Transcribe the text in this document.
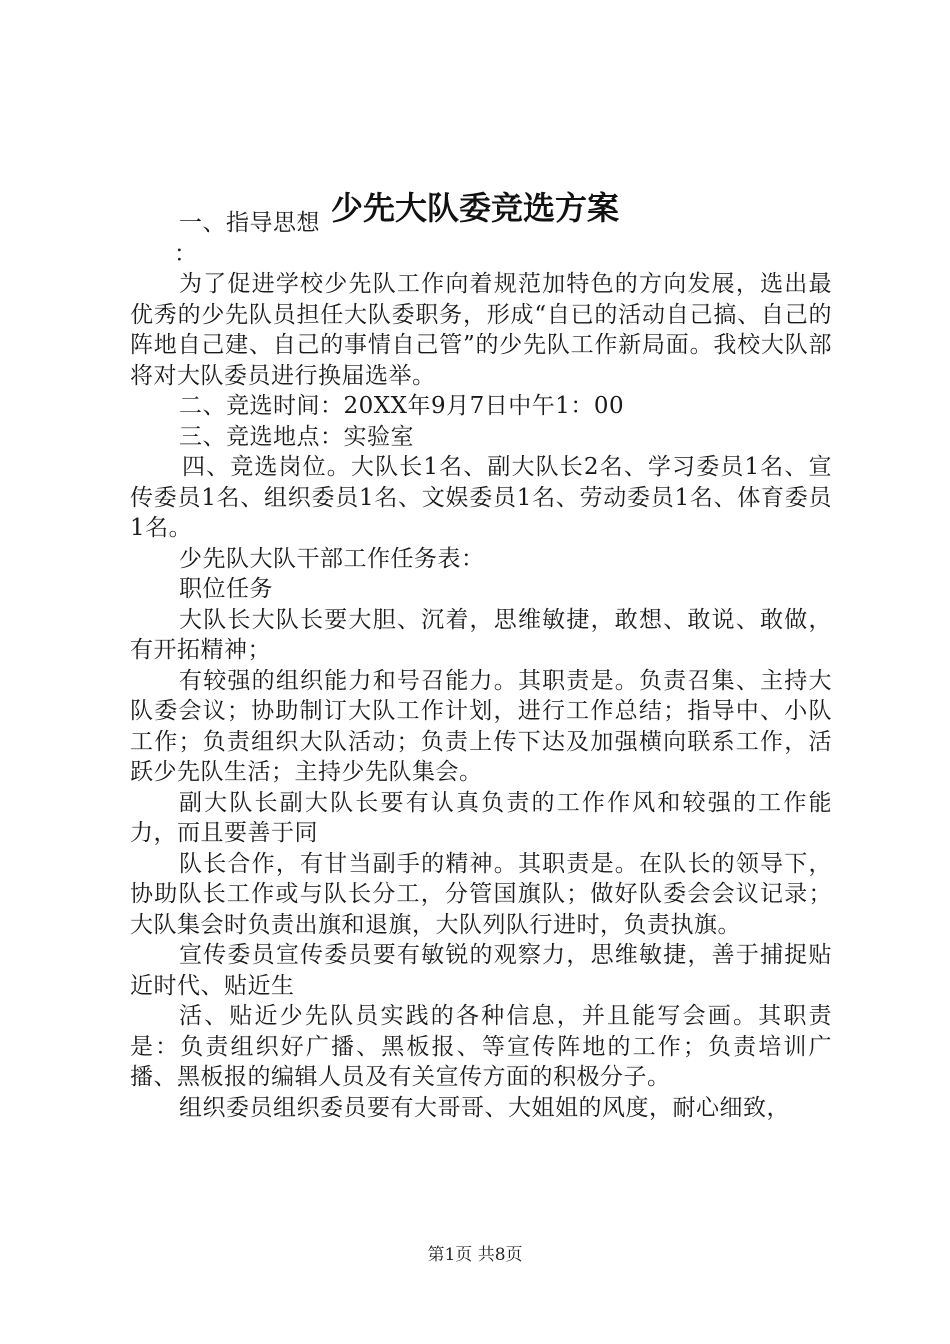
少先大队委竞选方案

一、指导思想

：

为了促进学校少先队工作向着规范加特色的方向发展，选出最优秀的少先队员担任大队委职务，形成“自已的活动自己搞、自己的阵地自己建、自己的事情自己管”的少先队工作新局面。我校大队部将对大队委员进行换届选举。

二、竞选时间：20XX年9月7日中午1：00

三、竞选地点：实验室

四、竞选岗位。大队长1名、副大队长2名、学习委员1名、宣传委员1名、组织委员1名、文娱委员1名、劳动委员1名、体育委员1名。

少先队大队干部工作任务表：

职位任务

大队长大队长要大胆、沉着，思维敏捷，敢想、敢说、敢做，有开拓精神；

有较强的组织能力和号召能力。其职责是。负责召集、主持大队委会议；协助制订大队工作计划，进行工作总结；指导中、小队工作；负责组织大队活动；负责上传下达及加强横向联系工作，活跃少先队生活；主持少先队集会。

副大队长副大队长要有认真负责的工作作风和较强的工作能力，而且要善于同

队长合作，有甘当副手的精神。其职责是。在队长的领导下，协助队长工作或与队长分工，分管国旗队；做好队委会会议记录；大队集会时负责出旗和退旗，大队列队行进时，负责执旗。

宣传委员宣传委员要有敏锐的观察力，思维敏捷，善于捕捉贴近时代、贴近生

活、贴近少先队员实践的各种信息，并且能写会画。其职责是：负责组织好广播、黑板报、等宣传阵地的工作；负责培训广播、黑板报的编辑人员及有关宣传方面的积极分子。

组织委员组织委员要有大哥哥、大姐姐的风度，耐心细致，

第1页 共8页
